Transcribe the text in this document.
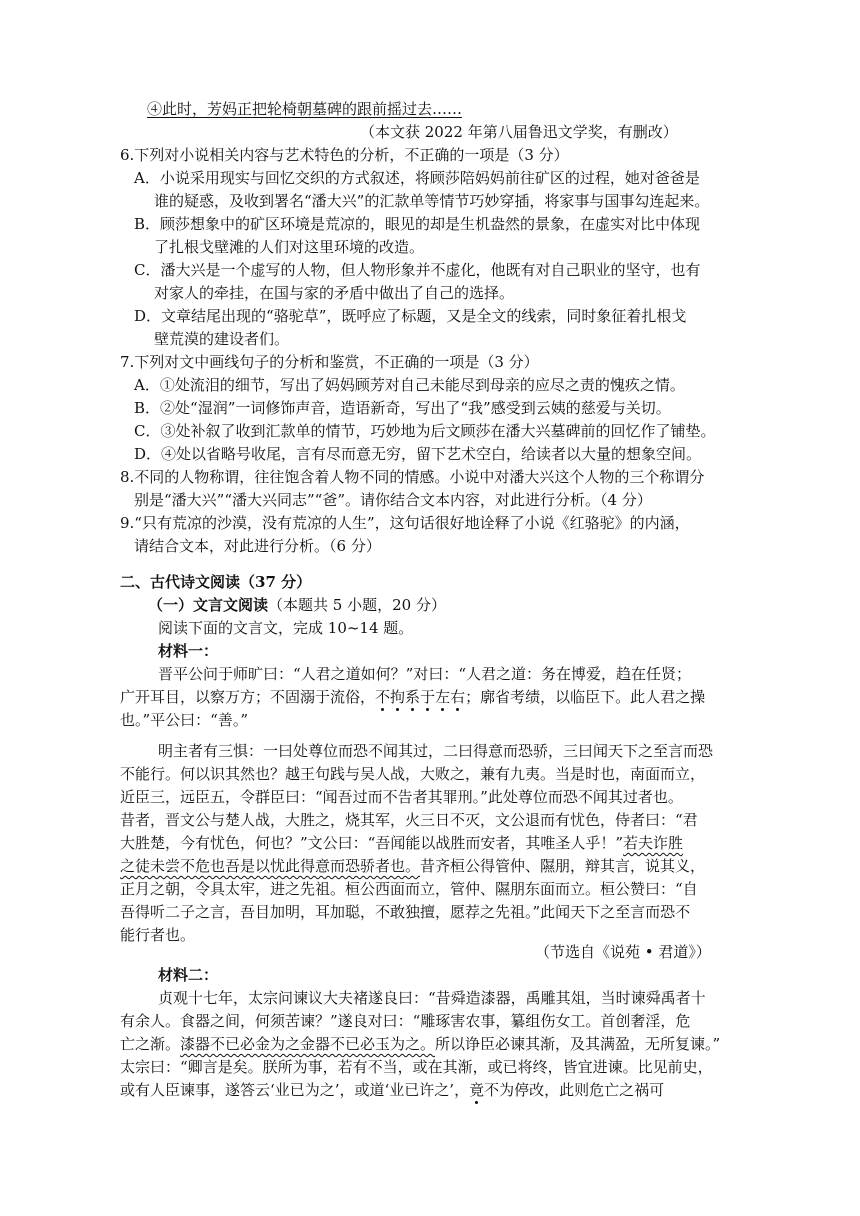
④此时，芳妈正把轮椅朝墓碑的跟前摇过去……
（本文获 2022 年第八届鲁迅文学奖，有删改）
6.下列对小说相关内容与艺术特色的分析，不正确的一项是（3 分）
A．小说采用现实与回忆交织的方式叙述，将顾莎陪妈妈前往矿区的过程，她对爸爸是
谁的疑惑，及收到署名“潘大兴”的汇款单等情节巧妙穿插，将家事与国事勾连起来。
B．顾莎想象中的矿区环境是荒凉的，眼见的却是生机盎然的景象，在虚实对比中体现
了扎根戈壁滩的人们对这里环境的改造。
C．潘大兴是一个虚写的人物，但人物形象并不虚化，他既有对自己职业的坚守，也有
对家人的牵挂，在国与家的矛盾中做出了自己的选择。
D．文章结尾出现的“骆驼草”，既呼应了标题，又是全文的线索，同时象征着扎根戈
壁荒漠的建设者们。
7.下列对文中画线句子的分析和鉴赏，不正确的一项是（3 分）
A．①处流泪的细节，写出了妈妈顾芳对自己未能尽到母亲的应尽之责的愧疚之情。
B．②处“湿润”一词修饰声音，造语新奇，写出了“我”感受到云姨的慈爱与关切。
C．③处补叙了收到汇款单的情节，巧妙地为后文顾莎在潘大兴墓碑前的回忆作了铺垫。
D．④处以省略号收尾，言有尽而意无穷，留下艺术空白，给读者以大量的想象空间。
8.不同的人物称谓，往往饱含着人物不同的情感。小说中对潘大兴这个人物的三个称谓分
别是“潘大兴”“潘大兴同志”“爸”。请你结合文本内容，对此进行分析。（4 分）
9.“只有荒凉的沙漠，没有荒凉的人生”，这句话很好地诠释了小说《红骆驼》的内涵，
请结合文本，对此进行分析。（6 分）
二、古代诗文阅读（37 分）
（一）文言文阅读（本题共 5 小题，20 分）
阅读下面的文言文，完成 10~14 题。
材料一：
晋平公问于师旷曰：“人君之道如何？”对曰：“人君之道：务在博爱，趋在任贤；
广开耳目，以察万方；不固溺于流俗，不拘系于左右；廓省考绩，以临臣下。此人君之操
也。”平公曰：“善。”
明主者有三惧：一曰处尊位而恐不闻其过，二曰得意而恐骄，三曰闻天下之至言而恐
不能行。何以识其然也？越王句践与吴人战，大败之，兼有九夷。当是时也，南面而立，
近臣三，远臣五，令群臣曰：“闻吾过而不告者其罪刑。”此处尊位而恐不闻其过者也。
昔者，晋文公与楚人战，大胜之，烧其军，火三日不灭，文公退而有忧色，侍者曰：“君
大胜楚，今有忧色，何也？”文公曰：“吾闻能以战胜而安者，其唯圣人乎！”若夫诈胜
之徒未尝不危也吾是以忧此得意而恐骄者也。昔齐桓公得管仲、隰朋，辩其言，说其义，
正月之朝，令具太牢，进之先祖。桓公西面而立，管仲、隰朋东面而立。桓公赞曰：“自
吾得听二子之言，吾目加明，耳加聪，不敢独擅，愿荐之先祖。”此闻天下之至言而恐不
能行者也。
（节选自《说苑 • 君道》）
材料二：
贞观十七年，太宗问谏议大夫褚遂良曰：“昔舜造漆器，禹雕其俎，当时谏舜禹者十
有余人。食器之间，何须苦谏？”遂良对曰：“雕琢害农事，纂组伤女工。首创奢淫，危
亡之渐。漆器不已必金为之金器不已必玉为之。所以诤臣必谏其渐，及其满盈，无所复谏。”
太宗曰：“卿言是矣。朕所为事，若有不当，或在其渐，或已将终，皆宜进谏。比见前史，
或有人臣谏事，遂答云‘业已为之’，或道‘业已许之’，竟不为停改，此则危亡之祸可
